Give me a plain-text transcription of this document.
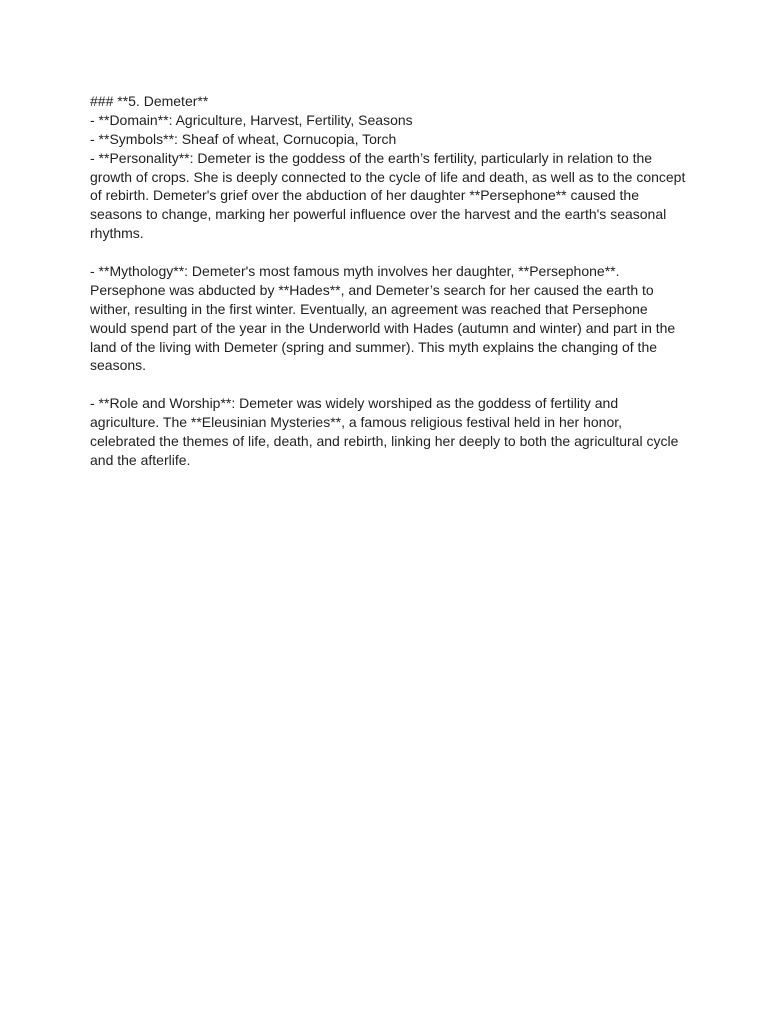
### **5. Demeter**

- **Domain**: Agriculture, Harvest, Fertility, Seasons

- **Symbols**: Sheaf of wheat, Cornucopia, Torch

- **Personality**: Demeter is the goddess of the earth’s fertility, particularly in relation to the

growth of crops. She is deeply connected to the cycle of life and death, as well as to the concept

of rebirth. Demeter's grief over the abduction of her daughter **Persephone** caused the

seasons to change, marking her powerful influence over the harvest and the earth's seasonal

rhythms.

- **Mythology**: Demeter's most famous myth involves her daughter, **Persephone**.

Persephone was abducted by **Hades**, and Demeter’s search for her caused the earth to

wither, resulting in the first winter. Eventually, an agreement was reached that Persephone

would spend part of the year in the Underworld with Hades (autumn and winter) and part in the

land of the living with Demeter (spring and summer). This myth explains the changing of the

seasons.

- **Role and Worship**: Demeter was widely worshiped as the goddess of fertility and

agriculture. The **Eleusinian Mysteries**, a famous religious festival held in her honor,

celebrated the themes of life, death, and rebirth, linking her deeply to both the agricultural cycle

and the afterlife.
